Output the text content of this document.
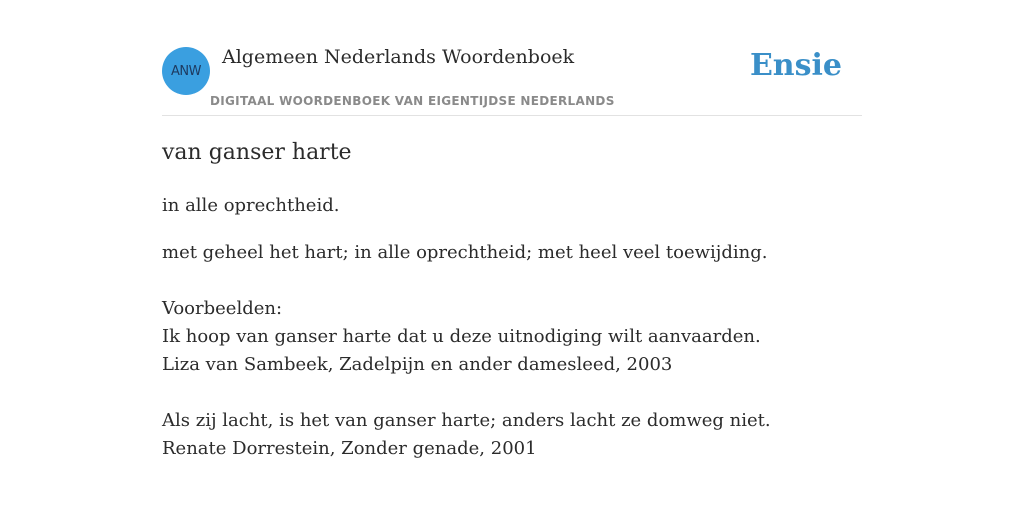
ANW
Algemeen Nederlands Woordenboek
DIGITAAL WOORDENBOEK VAN EIGENTIJDSE NEDERLANDS
Ensie
van ganser harte
in alle oprechtheid.
met geheel het hart; in alle oprechtheid; met heel veel toewijding.
Voorbeelden:
Ik hoop van ganser harte dat u deze uitnodiging wilt aanvaarden.
Liza van Sambeek, Zadelpijn en ander damesleed, 2003
Als zij lacht, is het van ganser harte; anders lacht ze domweg niet.
Renate Dorrestein, Zonder genade, 2001
